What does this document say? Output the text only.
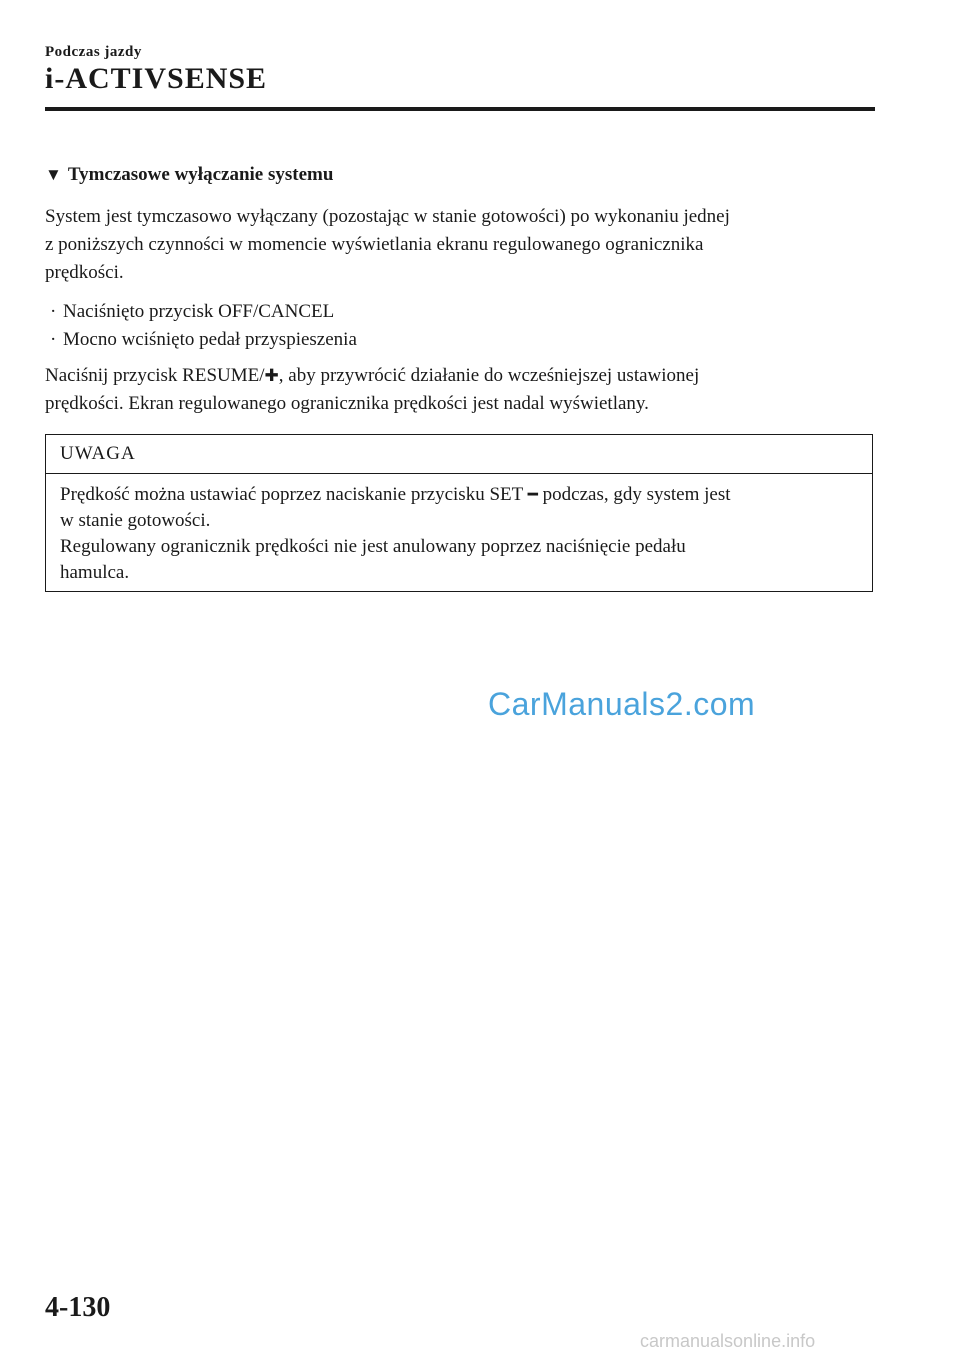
Podczas jazdy
i-ACTIVSENSE
▼ Tymczasowe wyłączanie systemu
System jest tymczasowo wyłączany (pozostając w stanie gotowości) po wykonaniu jednej
z poniższych czynności w momencie wyświetlania ekranu regulowanego ogranicznika
prędkości.
· Naciśnięto przycisk OFF/CANCEL
· Mocno wciśnięto pedał przyspieszenia
Naciśnij przycisk RESUME/✚, aby przywrócić działanie do wcześniejszej ustawionej
prędkości. Ekran regulowanego ogranicznika prędkości jest nadal wyświetlany.
UWAGA
Prędkość można ustawiać poprzez naciskanie przycisku SET ━ podczas, gdy system jest
w stanie gotowości.
Regulowany ogranicznik prędkości nie jest anulowany poprzez naciśnięcie pedału
hamulca.
CarManuals2.com
4-130
carmanualsonline.info
